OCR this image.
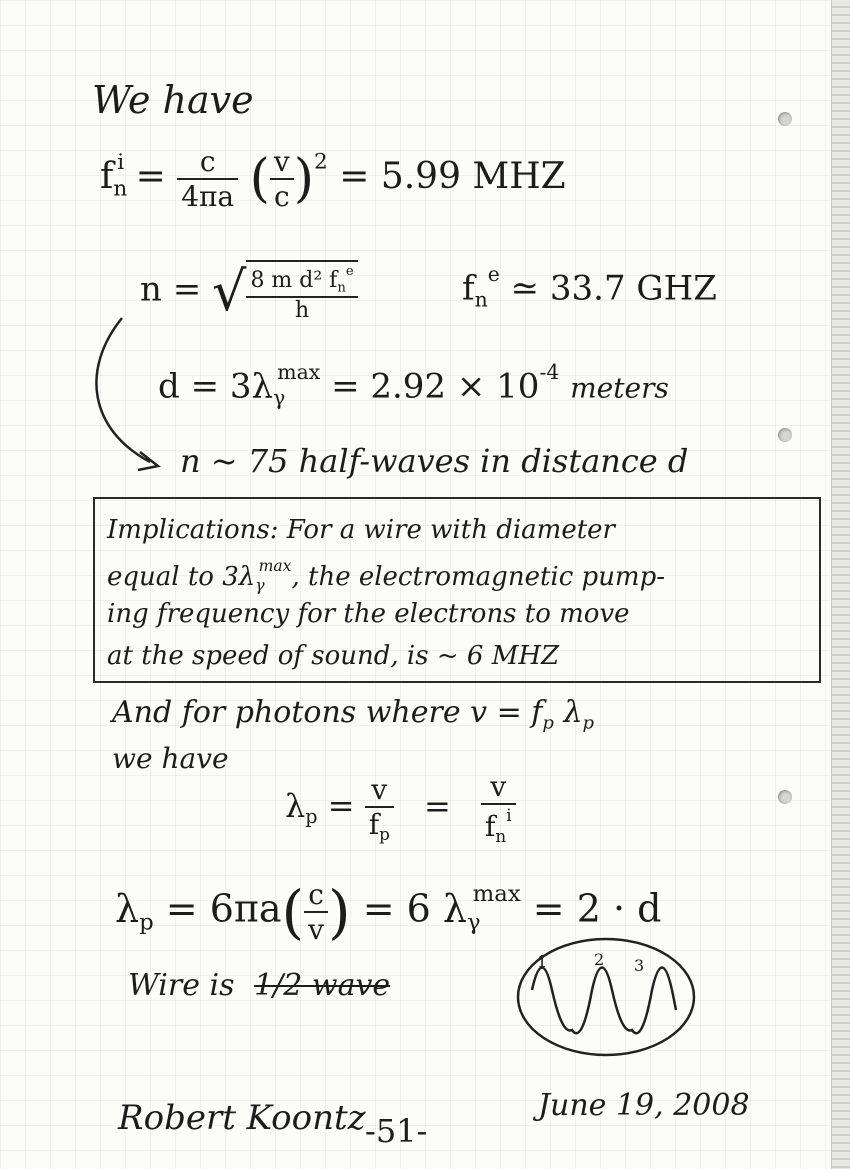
We have
$f_n^i = \frac{c}{4\pi a}$ ( $\frac{v}{c} )^2 = 5.99$ MHZ
n = √ $\frac{8 m d^2 f_n^e}{h}$	$f_n^e$ ≃ 33.7 GHZ
$d = 3\lambda_\gamma^{max} = 2.92 \times 10^{-4}$ meters
n ~ 75 half-waves in distance d
Implications: For a wire with diameter
equal to $3\lambda_\gamma^{max}$, the electromagnetic pump-
ing frequency for the electrons to move
at the speed of sound, is ~ 6 MHZ
And for photons where $v = f_p$ $\lambda_p$
we have
$\lambda_p = \frac{v}{f_p} = \frac{v}{f_n^i}$
$\lambda_p = 6\pi a( \frac{c}{v}$ ) = 6 $\lambda_\gamma^{max} = 2 \cdot d$
Wire is 1/2 wave
1	2 3
Robert Koontz -51-
June 19, 2008
